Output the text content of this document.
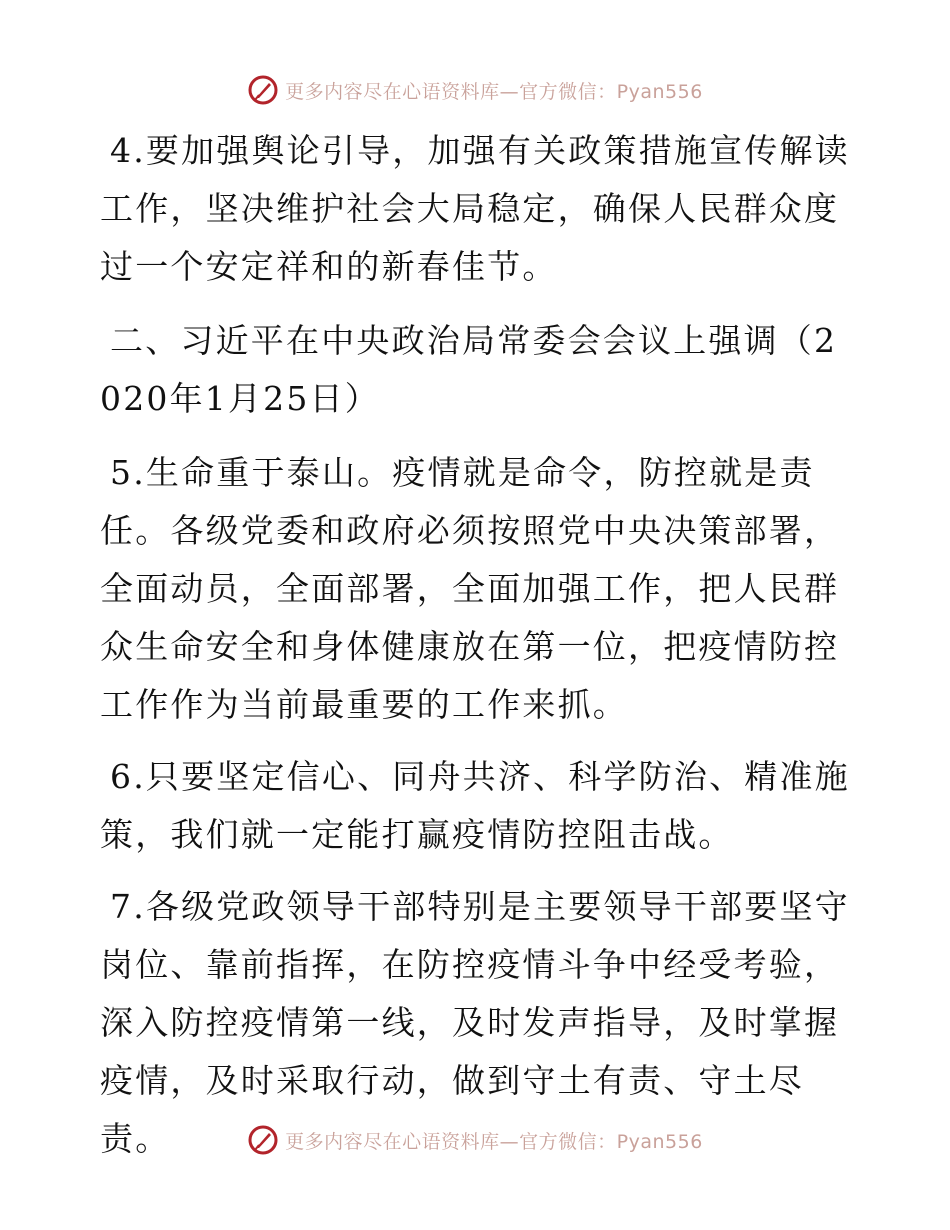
更多内容尽在心语资料库—官方微信：Pyan556

4.要加强舆论引导，加强有关政策措施宣传解读工作，坚决维护社会大局稳定，确保人民群众度过一个安定祥和的新春佳节。

二、习近平在中央政治局常委会会议上强调（2020年1月25日）

5.生命重于泰山。疫情就是命令，防控就是责任。各级党委和政府必须按照党中央决策部署，全面动员，全面部署，全面加强工作，把人民群众生命安全和身体健康放在第一位，把疫情防控工作作为当前最重要的工作来抓。

6.只要坚定信心、同舟共济、科学防治、精准施策，我们就一定能打赢疫情防控阻击战。

7.各级党政领导干部特别是主要领导干部要坚守岗位、靠前指挥，在防控疫情斗争中经受考验，深入防控疫情第一线，及时发声指导，及时掌握疫情，及时采取行动，做到守土有责、守土尽责。	更多内容尽在心语资料库—官方微信：Pyan556
